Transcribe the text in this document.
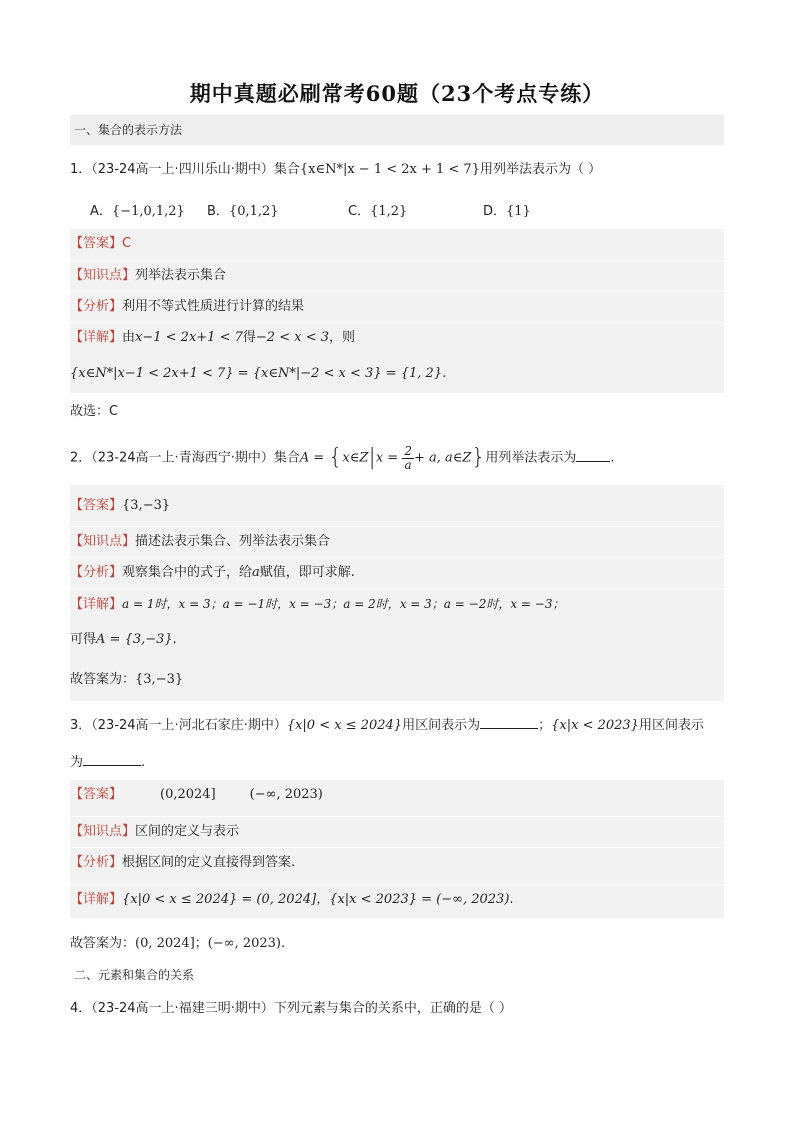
期中真题必刷常考60题（23个考点专练）
一、集合的表示方法
1．（23-24高一上·四川乐山·期中）集合{x∈N*|x − 1 < 2x + 1 < 7}用列举法表示为（ ）
A．{−1,0,1,2} B．{0,1,2}	C．{1,2}	D．{1}
【答案】C
【知识点】列举法表示集合
【分析】利用不等式性质进行计算的结果
【详解】由x−1 < 2x+1 < 7得−2 < x < 3，则
{x∈N*|x−1 < 2x+1 < 7} = {x∈N*|−2 < x < 3} = {1, 2}.
故选：C
2．（23-24高一上·青海西宁·期中）集合A = {x∈Z|x = $\frac{2}{a} + a$, a∈Z}用列举法表示为	.
【答案】{3,−3}
【知识点】描述法表示集合、列举法表示集合
【分析】观察集合中的式子，给a赋值，即可求解.
【详解】a = 1时，x = 3；a = −1时，x = −3；a = 2时，x = 3；a = −2时，x = −3；
可得A = {3,−3}.
故答案为：{3,−3}
3．（23-24高一上·河北石家庄·期中）{x|0 < x ≤ 2024}用区间表示为	；{x|x < 2023}用区间表示
为	.
【答案】	(0,2024]	(−∞, 2023)
【知识点】区间的定义与表示
【分析】根据区间的定义直接得到答案.
【详解】{x|0 < x ≤ 2024} = (0, 2024]，{x|x < 2023} = (−∞, 2023).
故答案为：(0, 2024]；(−∞, 2023).
二、元素和集合的关系
4．（23-24高一上·福建三明·期中）下列元素与集合的关系中，正确的是（ ）
